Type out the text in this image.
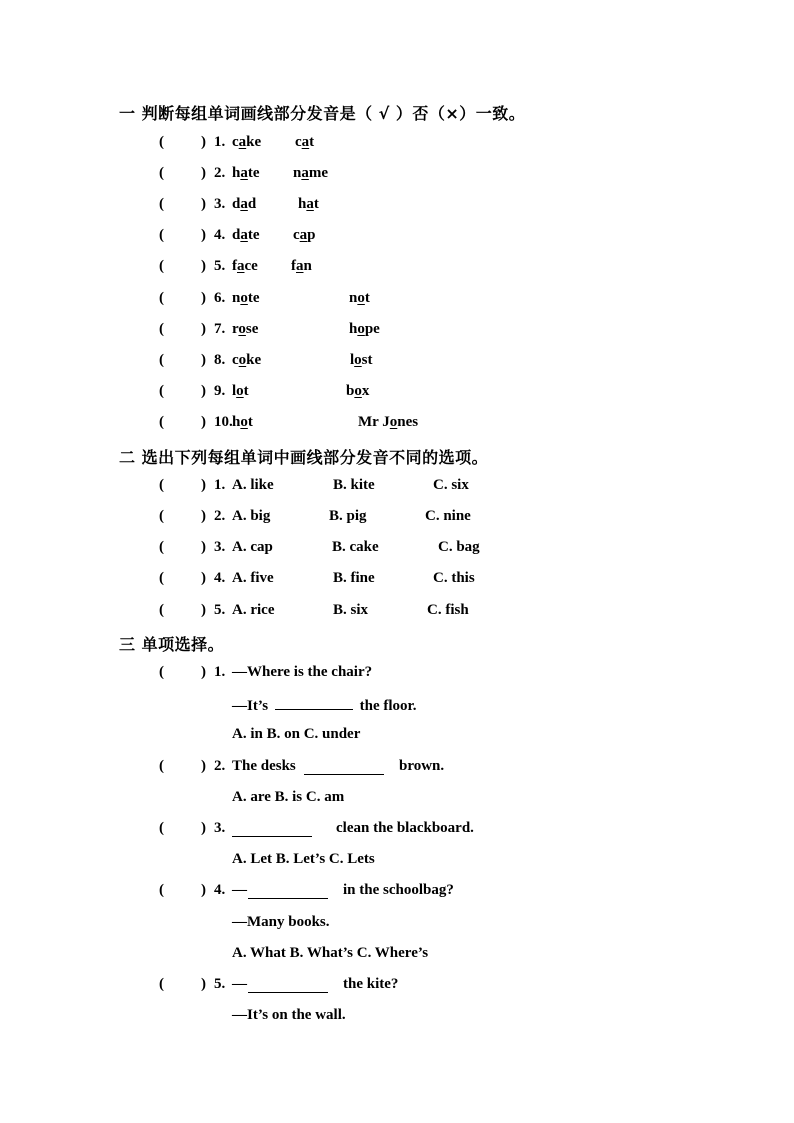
一 判断每组单词画线部分发音是（ √ ）否（×）一致。
( ) 1. cake cat
( ) 2. hate name
( ) 3. dad	hat
( ) 4. date cap
( ) 5. face fan
( ) 6. note	not
( ) 7. rose	hope
( ) 8. coke	lost
( ) 9. lot	box
( ) 10. hot	Mr Jones
二 选出下列每组单词中画线部分发音不同的选项。
( ) 1. A. like	B. kite	C. six
( ) 2. A. big	B. pig	C. nine
( ) 3. A. cap	B. cake	C. bag
( ) 4. A. five	B. fine	C. this
( ) 5. A. rice	B. six	C. fish
三 单项选择。
( ) 1. —Where is the chair?
—It’s	the floor.
A. in B. on C. under
( ) 2. The desks	brown.
A. are B. is C. am
( ) 3.	clean the blackboard.
A. Let B. Let’s C. Lets
( ) 4. —	in the schoolbag?
—Many books.
A. What B. What’s C. Where’s
( ) 5. —	the kite?
—It’s on the wall.
